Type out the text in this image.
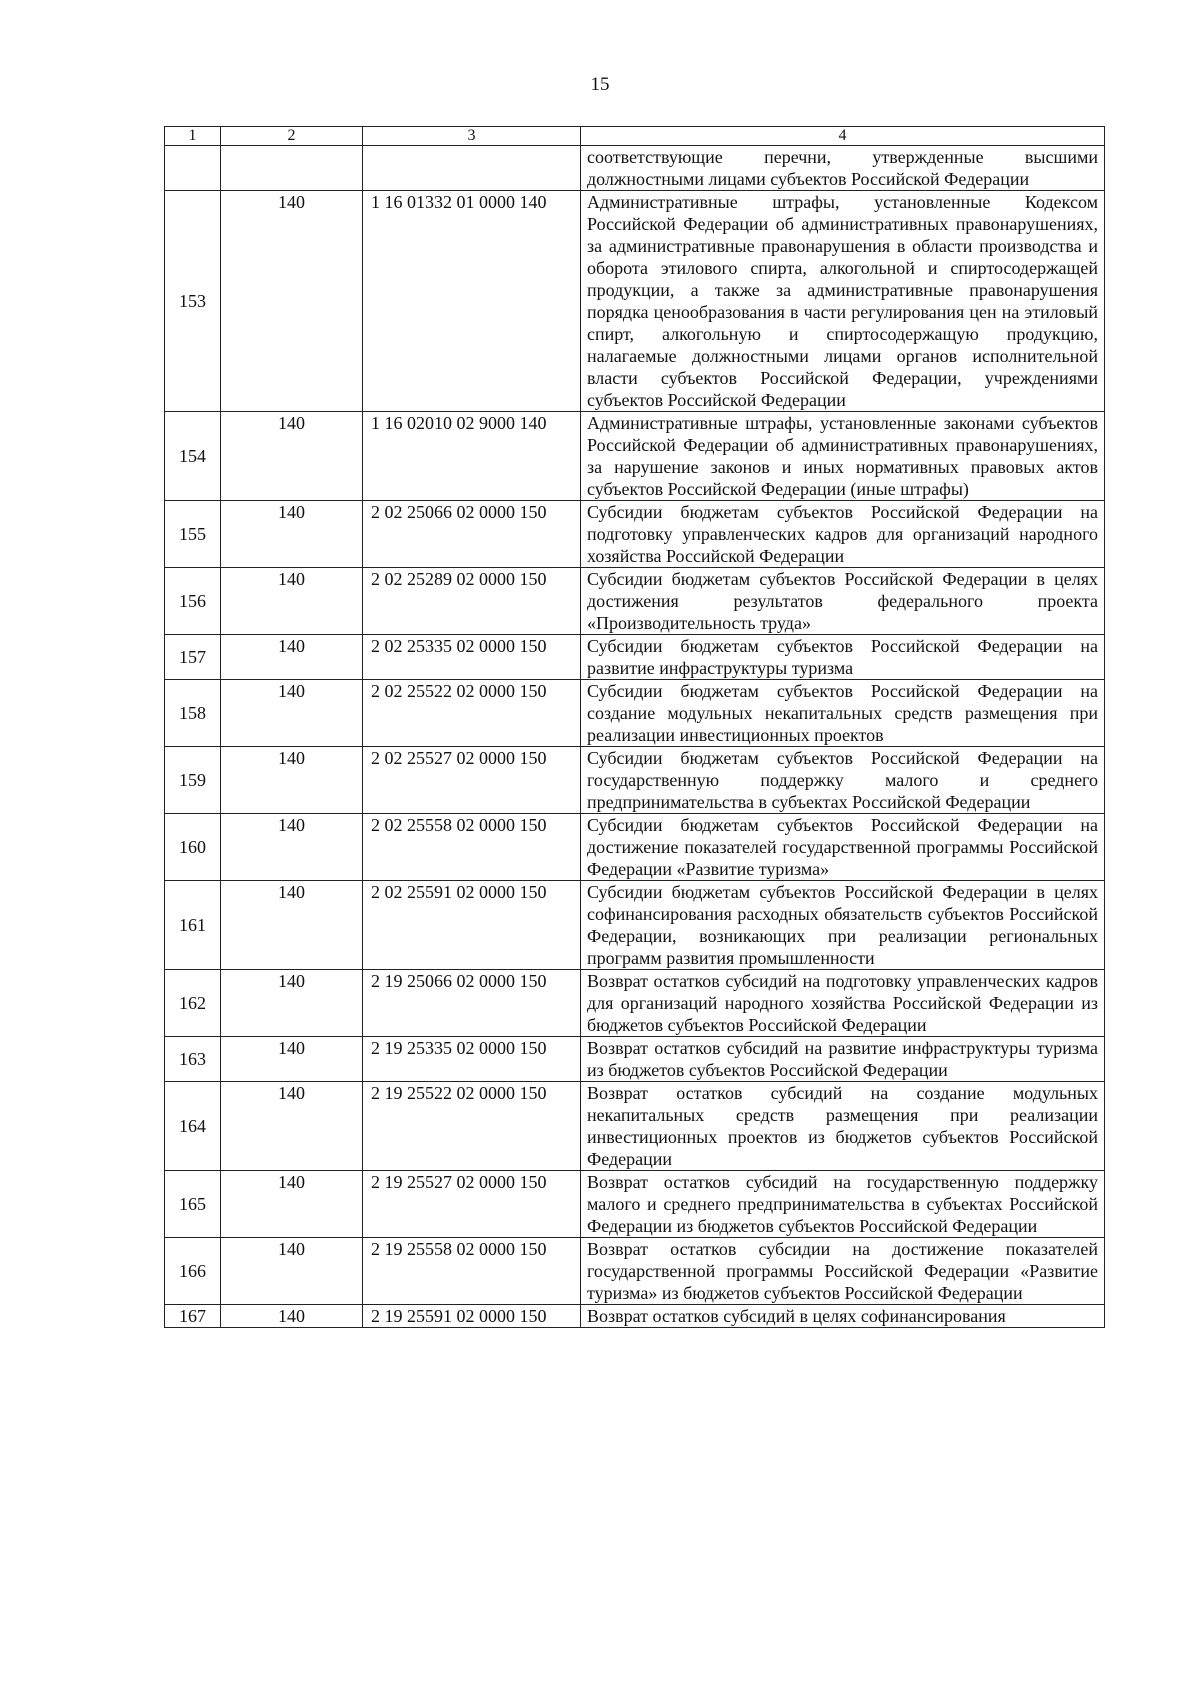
15
1	2	3	4
			соответствующие перечни, утвержденные высшими должностными лицами субъектов Российской Федерации
153	140	1 16 01332 01 0000 140	Административные штрафы, установленные Кодексом Российской Федерации об административных правонарушениях, за административные правонарушения в области производства и оборота этилового спирта, алкогольной и спиртосодержащей продукции, а также за административные правонарушения порядка ценообразования в части регулирования цен на этиловый спирт, алкогольную и спиртосодержащую продукцию, налагаемые должностными лицами органов исполнительной власти субъектов Российской Федерации, учреждениями субъектов Российской Федерации
154	140	1 16 02010 02 9000 140	Административные штрафы, установленные законами субъектов Российской Федерации об административных правонарушениях, за нарушение законов и иных нормативных правовых актов субъектов Российской Федерации (иные штрафы)
155	140	2 02 25066 02 0000 150	Субсидии бюджетам субъектов Российской Федерации на подготовку управленческих кадров для организаций народного хозяйства Российской Федерации
156	140	2 02 25289 02 0000 150	Субсидии бюджетам субъектов Российской Федерации в целях достижения результатов федерального проекта «Производительность труда»
157	140	2 02 25335 02 0000 150	Субсидии бюджетам субъектов Российской Федерации на развитие инфраструктуры туризма
158	140	2 02 25522 02 0000 150	Субсидии бюджетам субъектов Российской Федерации на создание модульных некапитальных средств размещения при реализации инвестиционных проектов
159	140	2 02 25527 02 0000 150	Субсидии бюджетам субъектов Российской Федерации на государственную поддержку малого и среднего предпринимательства в субъектах Российской Федерации
160	140	2 02 25558 02 0000 150	Субсидии бюджетам субъектов Российской Федерации на достижение показателей государственной программы Российской Федерации «Развитие туризма»
161	140	2 02 25591 02 0000 150	Субсидии бюджетам субъектов Российской Федерации в целях софинансирования расходных обязательств субъектов Российской Федерации, возникающих при реализации региональных программ развития промышленности
162	140	2 19 25066 02 0000 150	Возврат остатков субсидий на подготовку управленческих кадров для организаций народного хозяйства Российской Федерации из бюджетов субъектов Российской Федерации
163	140	2 19 25335 02 0000 150	Возврат остатков субсидий на развитие инфраструктуры туризма из бюджетов субъектов Российской Федерации
164	140	2 19 25522 02 0000 150	Возврат остатков субсидий на создание модульных некапитальных средств размещения при реализации инвестиционных проектов из бюджетов субъектов Российской Федерации
165	140	2 19 25527 02 0000 150	Возврат остатков субсидий на государственную поддержку малого и среднего предпринимательства в субъектах Российской Федерации из бюджетов субъектов Российской Федерации
166	140	2 19 25558 02 0000 150	Возврат остатков субсидии на достижение показателей государственной программы Российской Федерации «Развитие туризма» из бюджетов субъектов Российской Федерации
167	140	2 19 25591 02 0000 150	Возврат остатков субсидий в целях софинансирования
